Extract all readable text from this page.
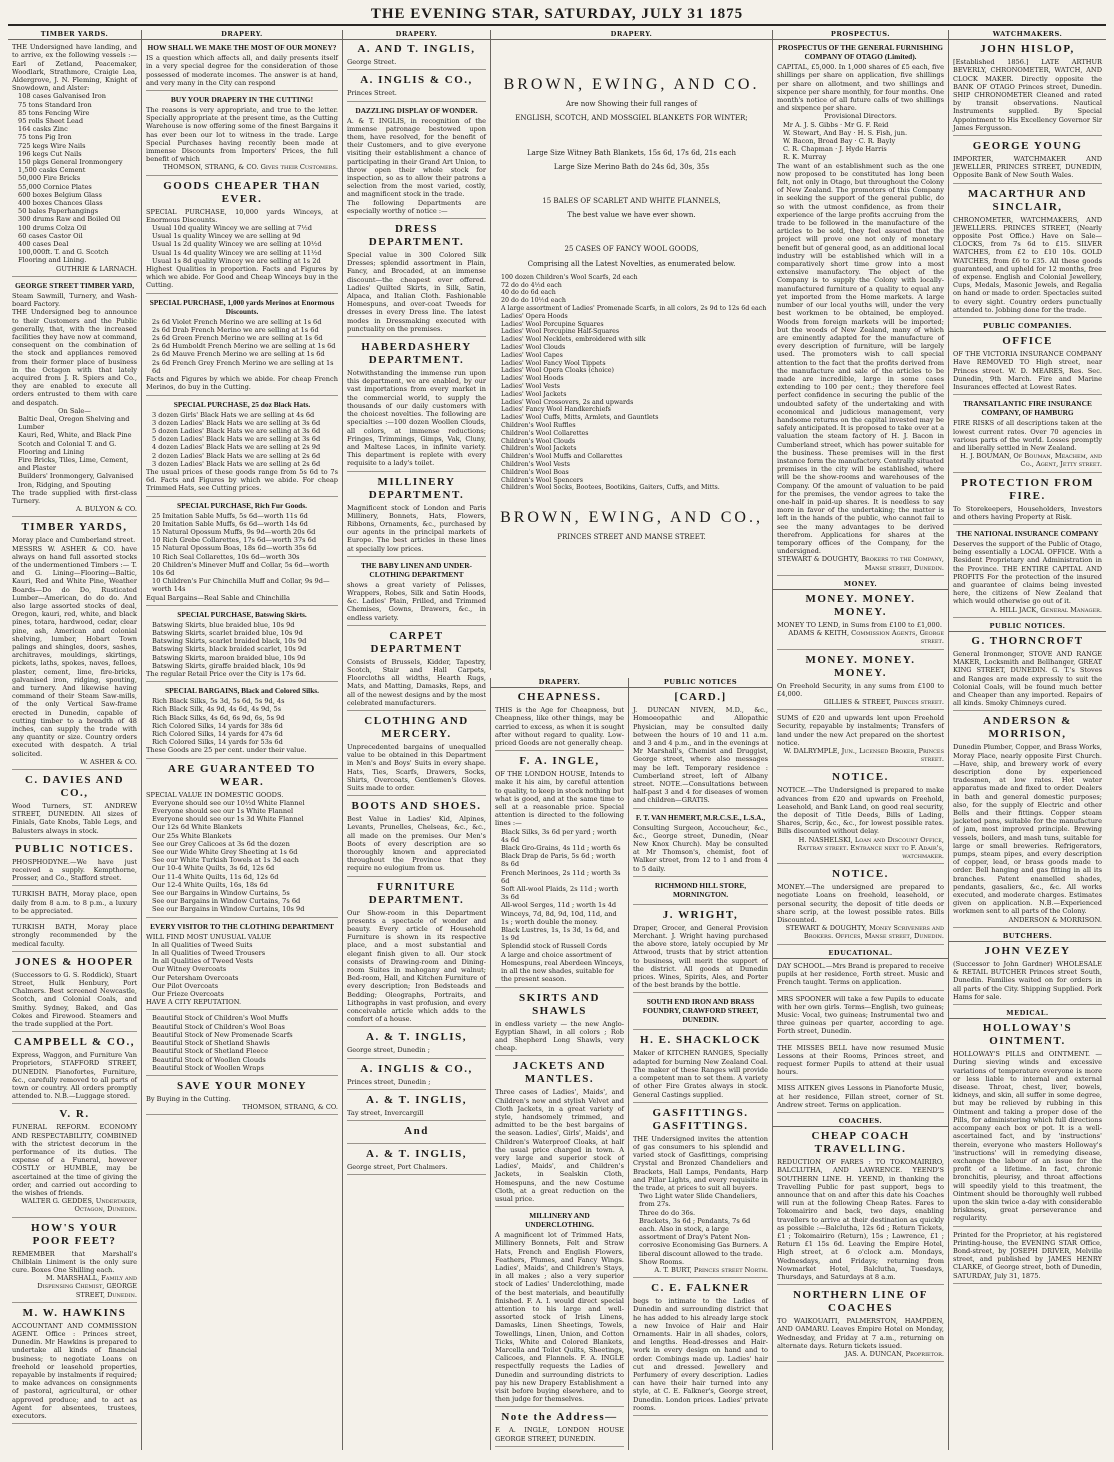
THE EVENING STAR, SATURDAY, JULY 31 1875
TIMBER YARDS.
THE Undersigned have landing, and to arrive, ex the following vessels :— Earl of Zetland, Peacemaker, Woodlark, Strathmore, Craigie Lea, Aldergrove, J. N. Fleming, Knight of Snowdown, and Alster:
108 cases Galvanised Iron
75 tons Standard Iron
85 tons Fencing Wire
95 rolls Sheet Lead
164 casks Zinc
75 tons Pig Iron
725 kegs Wire Nails
196 kegs Cut Nails
150 pkgs General Ironmongery
1,500 casks Cement
50,000 Fire Bricks
55,000 Cornice Plates
600 boxes Belgium Glass
400 boxes Chances Glass
50 bales Paperhangings
300 drums Raw and Boiled Oil
100 drums Colza Oil
60 cases Castor Oil
400 cases Deal
100,000ft. T. and G. Scotch Flooring and Lining.
GUTHRIE & LARNACH.
GEORGE STREET TIMBER YARD,
Steam Sawmill, Turnery, and Wash-board Factory.
THE Undersigned beg to announce to their Customers and the Public generally, that, with the increased facilities they have now at command, consequent on the combination of the stock and appliances removed from their former place of business in the Octagon with that lately acquired from J. R. Spiers and Co., they are enabled to execute all orders entrusted to them with care and despatch.
On Sale—
Baltic Deal, Oregon Shelving and Lumber
Kauri, Red, White, and Black Pine
Scotch and Colonial T. and G. Flooring and Lining
Fire Bricks, Tiles, Lime, Cement, and Plaster
Builders' Ironmongery, Galvanised Iron, Ridging, and Spouting
The trade supplied with first-class Turnery.
A. BULYON & CO.
TIMBER YARDS,
Moray place and Cumberland street.
MESSRS W. ASHER & CO. have always on hand full assorted stocks of the undermentioned Timbers :— T. and G. Lining—Flooring—Baltic, Kauri, Red and White Pine, Weather Boards—Do do Do, Rusticated Lumber—American, do do do. And also large assorted stocks of deal, Oregon, kauri, red, white, and black pines, totara, hardwood, cedar, clear pine, ash, American and colonial shelving, lumber, Hobart Town palings and shingles, doors, sashes, architraves, mouldings, skirtings, pickets, laths, spokes, naves, felloes, plaster, cement, lime, fire-bricks, galvanised iron, ridging, spouting, and turnery. And likewise having command of their Steam Saw-mills, of the only Vertical Saw-frame erected in Dunedin, capable of cutting timber to a breadth of 48 inches, can supply the trade with any quantity or size. Country orders executed with despatch. A trial solicited.
W. ASHER & CO.
C. DAVIES AND CO.,
Wood Turners, ST. ANDREW STREET, DUNEDIN. All sizes of Finials, Gate Knobs, Table Legs, and Balusters always in stock.
PUBLIC NOTICES.
PHOSPHODYNE.—We have just received a supply. Kempthorne, Prosser, and Co., Stafford street.
TURKISH BATH, Moray place, open daily from 8 a.m. to 8 p.m., a luxury to be appreciated.
TURKISH BATH, Moray place strongly recommended by the medical faculty.
JONES & HOOPER
(Successors to G. S. Roddick), Stuart Street, Hulk Henbury, Port Chalmers. Best screened Newcastle, Scotch, and Colonial Coals, and Smithy. Sydney, Baked, and Gas Cokes and Firewood. Steamers and the trade supplied at the Port.
CAMPBELL & CO.,
Express, Waggon, and Furniture Van Proprietors, STAFFORD STREET, DUNEDIN. Pianofortes, Furniture, &c., carefully removed to all parts of town or country. All orders promptly attended to. N.B.—Luggage stored.
V. R.
FUNERAL REFORM. ECONOMY AND RESPECTABILITY, COMBINED with the strictest decorum in the performance of its duties. The expense of a Funeral, however COSTLY or HUMBLE, may be ascertained at the time of giving the order, and carried out according to the wishes of friends.
WALTER G. GEDDES, Undertaker, Octagon, Dunedin.
HOW'S YOUR POOR FEET?
REMEMBER that Marshall's Chilblain Liniment is the only sure cure. Boxes One Shilling each.
M. MARSHALL, Family and Dispensing Chemist, GEORGE STREET, Dunedin.
M. W. HAWKINS
ACCOUNTANT AND COMMISSION AGENT. Office : Princes street, Dunedin. Mr Hawkins is prepared to undertake all kinds of financial business; to negotiate Loans on freehold or leasehold properties, repayable by instalments if required; to make advances on consignments of pastoral, agricultural, or other approved produce; and to act as Agent for absentees, trustees, executors.
DRAPERY.
HOW SHALL WE MAKE THE MOST OF OUR MONEY?
IS a question which affects all, and daily presents itself in a very special degree for the consideration of those possessed of moderate incomes. The answer is at hand, and very many in the City can respond
BUY YOUR DRAPERY IN THE CUTTING!
The reasons is very appropriate, and true to the letter. Specially appropriate at the present time, as the Cutting Warehouse is now offering some of the finest Bargains it has ever been our lot to witness in the trade. Large Special Purchases having recently been made at immense Discounts from Importers' Prices, the full benefit of which
THOMSON, STRANG, & CO. Gives their Customers.
GOODS CHEAPER THAN EVER.
SPECIAL PURCHASE, 10,000 yards Winceys, at Enormous Discounts.
Usual 10d quality Wincey we are selling at 7½d
Usual 1s quality Wincey we are selling at 9d
Usual 1s 2d quality Wincey we are selling at 10½d
Usual 1s 4d quality Wincey we are selling at 11½d
Usual 1s 8d quality Wincey we are selling at 1s 2d
Highest Qualities in proportion. Facts and Figures by which we abide. For Good and Cheap Winceys buy in the Cutting.
SPECIAL PURCHASE, 1,000 yards Merinos at Enormous Discounts.
2s 6d Violet French Merino we are selling at 1s 6d
2s 6d Drab French Merino we are selling at 1s 6d
2s 6d Green French Merino we are selling at 1s 6d
2s 6d Humboldt French Merino we are selling at 1s 6d
2s 6d Mauve French Merino we are selling at 1s 6d
2s 6d French Grey French Merino we are selling at 1s 6d
Facts and Figures by which we abide. For cheap French Merinos, do buy in the Cutting.
SPECIAL PURCHASE, 25 doz Black Hats.
3 dozen Girls' Black Hats we are selling at 4s 6d
3 dozen Ladies' Black Hats we are selling at 3s 6d
5 dozen Ladies' Black Hats we are selling at 3s 6d
5 dozen Ladies' Black Hats we are selling at 3s 6d
4 dozen Ladies' Black Hats we are selling at 2s 9d
2 dozen Ladies' Black Hats we are selling at 2s 6d
3 dozen Ladies' Black Hats we are selling at 2s 6d
The usual prices of these goods range from 5s 6d to 7s 6d. Facts and Figures by which we abide. For cheap Trimmed Hats, see Cutting prices.
SPECIAL PURCHASE, Rich Fur Goods.
25 Imitation Sable Muffs, 5s 6d—worth 11s 6d
20 Imitation Sable Muffs, 6s 6d—worth 14s 6d
15 Natural Opossum Muffs, 9s 9d—worth 20s 6d
10 Rich Grebe Collarettes, 17s 6d—worth 37s 6d
15 Natural Opossum Boas, 18s 6d—worth 35s 6d
10 Rich Seal Collarettes, 10s 6d—worth 30s
20 Children's Minever Muff and Collar, 5s 6d—worth 10s 6d
10 Children's Fur Chinchilla Muff and Collar, 9s 9d—worth 14s
Equal Bargains—Real Sable and Chinchilla
SPECIAL PURCHASE, Batswing Skirts.
Batswing Skirts, blue braided blue, 10s 9d
Batswing Skirts, scarlet braided blue, 10s 9d
Batswing Skirts, scarlet braided black, 10s 9d
Batswing Skirts, black braided scarlet, 10s 9d
Batswing Skirts, maroon braided blue, 10s 9d
Batswing Skirts, giraffe braided black, 10s 9d
The regular Retail Price over the City is 17s 6d.
SPECIAL BARGAINS, Black and Colored Silks.
Rich Black Silks, 5s 3d, 5s 6d, 5s 9d, 4s
Rich Black Silk, 4s 9d, 4s 6d, 4s 9d, 5s
Rich Black Silks, 4s 6d, 6s 9d, 6s, 5s 9d
Rich Colored Silks, 14 yards for 38s 6d
Rich Colored Silks, 14 yards for 47s 6d
Rich Colored Silks, 14 yards for 53s 6d
These Goods are 25 per cent. under their value.
ARE GUARANTEED TO WEAR.
SPECIAL VALUE IN DOMESTIC GOODS.
Everyone should see our 10½d White Flannel
Everyone should see our 1s White Flannel
Everyone should see our 1s 3d White Flannel
Our 12s 6d White Blankets
Our 25s White Blankets
See our Grey Calicoes at 3s 6d the dozen
See our Wide White Grey Sheeting at 1s 6d
See our White Turkish Towels at 1s 3d each
Our 10-4 White Quilts, 3s 6d, 12s 6d
Our 11-4 White Quilts, 11s 6d, 12s 6d
Our 12-4 White Quilts, 16s, 18s 6d
See our Bargains in Window Curtains, 5s
See our Bargains in Window Curtains, 7s 6d
See our Bargains in Window Curtains, 10s 9d
EVERY VISITOR TO THE CLOTHING DEPARTMENT
WILL FIND MOST UNUSUAL VALUE
In all Qualities of Tweed Suits
In all Qualities of Tweed Trousers
In all Qualities of Tweed Vests
Our Witney Overcoats
Our Petersham Overcoats
Our Pilot Overcoats
Our Frieze Overcoats
HAVE A CITY REPUTATION.
Beautiful Stock of Children's Wool Muffs
Beautiful Stock of Children's Wool Boas
Beautiful Stock of New Promenade Scarfs
Beautiful Stock of Shetland Shawls
Beautiful Stock of Shetland Fleece
Beautiful Stock of Woollen Clouds
Beautiful Stock of Woollen Wraps
SAVE YOUR MONEY
By Buying in the Cutting.
THOMSON, STRANG, & CO.
DRAPERY.
A. AND T. INGLIS,
George Street.
A. INGLIS & CO.,
Princes Street.
DAZZLING DISPLAY OF WONDER.
A. & T. INGLIS, in recognition of the immense patronage bestowed upon them, have resolved, for the benefit of their Customers, and to give everyone visiting their establishment a chance of participating in their Grand Art Union, to throw open their whole stock for inspection, so as to allow their patrons a selection from the most varied, costly, and magnificent stock in the trade.
The following Departments are especially worthy of notice :—
DRESS DEPARTMENT.
Special value in 300 Colored Silk Dresses; splendid assortment in Plain, Fancy, and Brocaded, at an immense discount—the cheapest ever offered. Ladies' Quilted Skirts, in Silk, Satin, Alpaca, and Italian Cloth. Fashionable Homespuns, and over-coat Tweeds for dresses in every Dress line. The latest modes in Dressmaking executed with punctuality on the premises.
HABERDASHERY DEPARTMENT.
Notwithstanding the immense run upon this department, we are enabled, by our vast importations from every market in the commercial world, to supply the thousands of our daily customers with the choicest novelties. The following are specialties :—100 dozen Woollen Clouds, all colors, at immense reductions; Fringes, Trimmings, Gimps, Vak, Cluny, and Maltese Laces, in infinite variety. This department is replete with every requisite to a lady's toilet.
MILLINERY DEPARTMENT.
Magnificent stock of London and Paris Millinery, Bonnets, Hats, Flowers, Ribbons, Ornaments, &c., purchased by our agents in the principal markets of Europe. The best articles in these lines at specially low prices.
THE BABY LINEN AND UNDER-CLOTHING DEPARTMENT
shows a great variety of Pelisses, Wrappers, Robes, Silk and Satin Hoods, &c. Ladies' Plain, Frilled, and Trimmed Chemises, Gowns, Drawers, &c., in endless variety.
CARPET DEPARTMENT
Consists of Brussels, Kidder, Tapestry, Scotch, Stair and Hall Carpets, Floorcloths all widths, Hearth Rugs, Mats, and Matting, Damasks, Reps, and all of the newest designs and by the most celebrated manufacturers.
CLOTHING AND MERCERY.
Unprecedented bargains of unequalled value to be obtained in this Department in Men's and Boys' Suits in every shape. Hats, Ties, Scarfs, Drawers, Socks, Shirts, Overcoats, Gentlemen's Gloves. Suits made to order.
BOOTS AND SHOES.
Best Value in Ladies' Kid, Alpines, Levants, Prunelles, Chelseas, &c., &c., all made on the premises. Our Men's Boots of every description are so thoroughly known and appreciated throughout the Province that they require no eulogium from us.
FURNITURE DEPARTMENT.
Our Show-room in this Department presents a spectacle of wonder and beauty. Every article of Household Furniture is shown in its respective place, and a most substantial and elegant finish given to all. Our stock consists of Drawing-room and Dining-room Suites in mahogany and walnut; Bed-room, Hall, and Kitchen Furniture of every description; Iron Bedsteads and Bedding; Oleographs, Portraits, and Lithographs in vast profusion, and every conceivable article which adds to the comfort of a house.
A. & T. INGLIS,
George street, Dunedin ;
A. INGLIS & CO.,
Princes street, Dunedin ;
A. & T. INGLIS,
Tay street, Invercargill
And
A. & T. INGLIS,
George street, Port Chalmers.
DRAPERY.
BROWN, EWING, AND CO.
Are now Showing their full ranges of
ENGLISH, SCOTCH, AND MOSSGIEL BLANKETS FOR WINTER;
Large Size Witney Bath Blankets, 15s 6d, 17s 6d, 21s each
Large Size Merino Bath do 24s 6d, 30s, 35s
15 BALES OF SCARLET AND WHITE FLANNELS,
The best value we have ever shown.
25 CASES OF FANCY WOOL GOODS,
Comprising all the Latest Novelties, as enumerated below.
100 dozen Children's Wool Scarfs, 2d each
72 do do 4½d each
40 do do 6d each
20 do do 10½d each
A large assortment of Ladies' Promenade Scarfs, in all colors, 2s 9d to 12s 6d each
Ladies' Opera Hoods
Ladies' Wool Porcupine Squares
Ladies' Wool Porcupine Half-Squares
Ladies' Wool Necklets, embroidered with silk
Ladies' Wool Clouds
Ladies' Wool Capes
Ladies' Wool Fancy Wool Tippets
Ladies' Wool Opera Cloaks (choice)
Ladies' Wool Hoods
Ladies' Wool Vests
Ladies' Wool Jackets
Ladies' Wool Crossovers, 2s and upwards
Ladies' Fancy Wool Handkerchiefs
Ladies' Wool Cuffs, Mitts, Armlets, and Gauntlets
Children's Wool Ruffles
Children's Wool Collarettes
Children's Wool Clouds
Children's Wool Jackets
Children's Wool Muffs and Collarettes
Children's Wool Vests
Children's Wool Boas
Children's Wool Spencers
Children's Wool Socks, Bootees, Bootikins, Gaiters, Cuffs, and Mitts.
BROWN, EWING, AND CO.,
PRINCES STREET AND MANSE STREET.
DRAPERY.
CHEAPNESS.
THIS is the Age for Cheapness, but Cheapness, like other things, may be carried to excess, as when it is sought after without regard to quality. Low-priced Goods are not generally cheap.
F. A. INGLE,
OF THE LONDON HOUSE, Intends to make it his aim, by careful attention to quality, to keep in stock nothing but what is good, and at the same time to sell at a reasonable price. Special attention is directed to the following lines :—
Black Silks, 3s 6d per yard ; worth 4s 6d
Black Gro-Grains, 4s 11d ; worth 6s
Black Drap de Paris, 5s 6d ; worth 8s 6d
French Merinoes, 2s 11d ; worth 3s 6d
Soft All-wool Plaids, 2s 11d ; worth 3s 6d
All-wool Serges, 11d ; worth 1s 4d
Winceys, 7d, 8d, 9d, 10d, 11d, and 1s ; worth double the money.
Black Lustres, 1s, 1s 3d, 1s 6d, and 1s 9d
Splendid stock of Russell Cords
A large and choice assortment of Homespuns, real Aberdeen Winceys, in all the new shades, suitable for the present season.
SKIRTS AND SHAWLS
in endless variety — the new Anglo-Egyptian Shawl, in all colors ; Rob and Shepherd Long Shawls, very cheap.
JACKETS AND MANTLES.
Three cases of Ladies', Maids', and Children's new and stylish Velvet and Cloth Jackets, in a great variety of style, handsomely trimmed, and admitted to be the best bargains of the season. Ladies', Girls', Maids', and Children's Waterproof Cloaks, at half the usual price charged in town. A very large and superior stock of Ladies', Maids', and Children's Jackets, in Sealskin Cloth, Homespuns, and the new Costume Cloth, at a great reduction on the usual price.
MILLINERY AND UNDERCLOTHING.
A magnificent lot of Trimmed Hats, Millinery Bonnets, Felt and Straw Hats, French and English Flowers, Feathers, Plumes, and Fancy Wings. Ladies', Maids', and Children's Stays, in all makes ; also a very superior stock of Ladies' Underclothing, made of the best materials, and beautifully finished. F. A. I. would direct special attention to his large and well-assorted stock of Irish Linens, Damasks, Linen Sheetings, Towels, Towellings, Linen, Union, and Cotton Ticks, White and Colored Blankets, Marcella and Toilet Quilts, Sheetings, Calicoes, and Flannels. F. A. INGLE respectfully requests the Ladies of Dunedin and surrounding districts to pay his new Drapery Establishment a visit before buying elsewhere, and to then judge for themselves.
Note the Address—
F. A. INGLE, LONDON HOUSE GEORGE STREET, DUNEDIN.
PUBLIC NOTICES
[CARD.]
J. DUNCAN NIVEN, M.D., &c., Homoeopathic and Allopathic Physician, may be consulted daily between the hours of 10 and 11 a.m. and 3 and 4 p.m., and in the evenings at Mr Marshall's, Chemist and Druggist, George street, where also messages may be left. Temporary residence : Cumberland street, left of Albany street. NOTE.—Consultations between half-past 3 and 4 for diseases of women and children—GRATIS.
F. T. VAN HEMERT, M.R.C.S.E., L.S.A.,
Consulting Surgeon, Accoucheur, &c., &c., George street, Dunedin, (Near New Knox Church). May be consulted at Mr Thomson's, chemist, foot of Walker street, from 12 to 1 and from 4 to 5 daily.
RICHMOND HILL STORE, MORNINGTON.
J. WRIGHT,
Draper, Grocer, and General Provision Merchant. J. Wright having purchased the above store, lately occupied by Mr Attwood, trusts that by strict attention to business, will merit the support of the district. All goods at Dunedin prices. Wines, Spirits, Ales, and Porter of the best brands by the bottle.
SOUTH END IRON AND BRASS FOUNDRY, CRAWFORD STREET, DUNEDIN.
H. E. SHACKLOCK
Maker of KITCHEN RANGES, Specially adapted for burning New Zealand Coal. The maker of these Ranges will provide a competent man to set them. A variety of other Fire Grates always in stock. General Castings supplied.
GASFITTINGS. GASFITTINGS.
THE Undersigned invites the attention of gas consumers to his splendid and varied stock of Gasfittings, comprising Crystal and Bronzed Chandeliers and Brackets, Hall Lamps, Pendants, Harp and Pillar Lights, and every requisite in the trade, at prices to suit all buyers.
Two Light water Slide Chandeliers, from 27s.
Three do do 36s.
Brackets, 3s 6d ; Pendants, 7s 6d each. Also in stock, a large assortment of Dray's Patent Non-corrosive Economising Gas Burners. A liberal discount allowed to the trade. Show Rooms.
A. T. BURT, Princes street North.
C. E. FALKNER
begs to intimate to the Ladies of Dunedin and surrounding district that he has added to his already large stock a new Invoice of Hair and Hair Ornaments. Hair in all shades, colors, and lengths. Head-dresses and Hair-work in every design on hand and to order. Combings made up. Ladies' hair cut and dressed. Jewellery and Perfumery of every description. Ladies can have their hair turned into any style, at C. E. Falkner's, George street, Dunedin. London prices. Ladies' private rooms.
PROSPECTUS.
PROSPECTUS OF THE GENERAL FURNISHING COMPANY OF OTAGO (Limited).
CAPITAL, £5,000. In 1,000 shares of £5 each, five shillings per share on application, five shillings per share on allotment, and two shillings and sixpence per share monthly, for four months. One month's notice of all future calls of two shillings and sixpence per share.
Provisional Directors.
Mr A. J. S. Gibbs · Mr G. F. Reid
W. Stewart, And Bay · H. S. Fish, jun.
W. Bacon, Broad Bay · C. R. Bayly
C. R. Chapman · J. Hyde Harris
R. K. Murray
The want of an establishment such as the one now proposed to be constituted has long been felt, not only in Otago, but throughout the Colony of New Zealand. The promoters of this Company in seeking the support of the general public, do so with the utmost confidence, as from their experience of the large profits accruing from the trade to be followed in the manufacture of the articles to be sold, they feel assured that the project will prove one not only of monetary benefit but of general good, as an additional local industry will be established which will in a comparatively short time grow into a most extensive manufactory. The object of the Company is to supply the Colony with locally-manufactured furniture of a quality to equal any yet imported from the Home markets. A large number of our local youths will, under the very best workmen to be obtained, be employed. Woods from foreign markets will be imported; but the woods of New Zealand, many of which are eminently adapted for the manufacture of every description of furniture, will be largely used. The promoters wish to call special attention to the fact that the profits derived from the manufacture and sale of the articles to be made are incredible, large in some cases extending to 100 per cent.; they therefore feel perfect confidence in securing the public of the undoubted safety of the undertaking and with economical and judicious management, very handsome returns on the capital invested may be safely anticipated. It is proposed to take over at a valuation the steam factory of H. J. Bacon in Cumberland street, which has power suitable for the business. These premises will in the first instance form the manufactory. Centrally situated premises in the city will be established, where will be the show-rooms and warehouses of the Company. Of the amount of valuation to be paid for the premises, the vendor agrees to take the one-half in paid-up shares. It is needless to say more in favor of the undertaking; the matter is left in the hands of the public, who cannot fail to see the many advantages to be derived therefrom. Applications for shares at the temporary offices of the Company, for the undersigned.
STEWART & DOUGHTY, Brokers to the Company, Manse street, Dunedin.
MONEY.
MONEY. MONEY. MONEY.
MONEY TO LEND, in Sums from £100 to £1,000.
ADAMS & KEITH, Commission Agents, George street.
MONEY. MONEY. MONEY.
On Freehold Security, in any sums from £100 to £4,000.
GILLIES & STREET, Princes street.
SUMS of £20 and upwards lent upon Freehold Security, repayable by instalments; Transfers of land under the new Act prepared on the shortest notice.
W. DALRYMPLE, Jun., Licensed Broker, Princes street.
NOTICE.
NOTICE.—The Undersigned is prepared to make advances from £20 and upwards on Freehold, Leasehold, and Bank Land, on good real security, the deposit of Title Deeds, Bills of Lading, Shares, Scrip, &c., &c., for lowest possible rates. Bills discounted without delay.
H. NASHELSKI, Loan and Discount Office, Rattray street. Entrance next to F. Adair's, watchmaker.
NOTICE.
MONEY.—The undersigned are prepared to negotiate Loans on freehold, leasehold, or personal security, the deposit of title deeds or share scrip, at the lowest possible rates. Bills Discounted.
STEWART & DOUGHTY, Money Scriveners and Brokers. Offices, Manse street, Dunedin.
EDUCATIONAL.
DAY SCHOOL.—Mrs Brand is prepared to receive pupils at her residence, Forth street. Music and French taught. Terms on application.
MRS SPOONER will take a few Pupils to educate with her own girls. Terms—English, two guineas; Music: Vocal, two guineas; Instrumental two and three guineas per quarter, according to age. Forth street, Dunedin.
THE MISSES BELL have now resumed Music Lessons at their Rooms, Princes street, and request former Pupils to attend at their usual hours.
MISS AITKEN gives Lessons in Pianoforte Music, at her residence, Fillan street, corner of St. Andrew street. Terms on application.
COACHES.
CHEAP COACH TRAVELLING.
REDUCTION OF FARES : TO TOKOMAIRIRO, BALCLUTHA, AND LAWRENCE. YEEND'S SOUTHERN LINE. H. YEEND, in thanking the Travelling Public for past support, begs to announce that on and after this date his Coaches will run at the following Cheap Rates. Fares to Tokomairiro and back, two days, enabling travellers to arrive at their destination as quickly as possible :—Balclutha, 12s 6d ; Return Tickets, £1 ; Tokomairiro (Return), 15s ; Lawrence, £1 ; Return £1 15s 6d. Leaving the Empire Hotel, High street, at 6 o'clock a.m. Mondays, Wednesdays, and Fridays; returning from Nowmarket Hotel, Balclutha, Tuesdays, Thursdays, and Saturdays at 8 a.m.
NORTHERN LINE OF COACHES
TO WAIKOUAITI, PALMERSTON, HAMPDEN, AND OAMARU. Leaves Empire Hotel on Monday, Wednesday, and Friday at 7 a.m., returning on alternate days. Return tickets issued.
JAS. A. DUNCAN, Proprietor.
WATCHMAKERS.
JOHN HISLOP,
[Established 1856.] LATE ARTHUR BEVERLY, CHRONOMETER, WATCH, AND CLOCK MAKER. Directly opposite the BANK OF OTAGO Princes street, Dunedin. SHIP CHRONOMETER Cleaned and rated by transit observations. Nautical Instruments supplied. By Special Appointment to His Excellency Governor Sir James Fergusson.
GEORGE YOUNG
IMPORTER, WATCHMAKER AND JEWELLER, PRINCES STREET, DUNEDIN, Opposite Bank of New South Wales.
MACARTHUR AND SINCLAIR,
CHRONOMETER, WATCHMAKERS, AND JEWELLERS. PRINCES STREET, (Nearly opposite Post Office.) Have on Sale— CLOCKS, from 7s 6d to £15. SILVER WATCHES, from £2 to £10 10s. GOLD WATCHES, from £6 to £35. All these goods guaranteed, and upheld for 12 months, free of expense. English and Colonial Jewellery, Cups, Medals, Masonic Jewels, and Regalia on hand or made to order. Spectacles suited to every sight. Country orders punctually attended to. Jobbing done for the trade.
PUBLIC COMPANIES.
OFFICE
OF THE VICTORIA INSURANCE COMPANY Have REMOVED TO High street, near Princes street. W. D. MEARES, Res. Sec. Dunedin, 9th March. Fire and Marine Insurances effected at Lowest Rates.
TRANSATLANTIC FIRE INSURANCE COMPANY, OF HAMBURG
FIRE RISKS of all descriptions taken at the lowest current rates. Over 70 agencies in various parts of the world. Losses promptly and liberally settled in New Zealand.
H. J. BOUMAN, Of Bouman, Meachem, and Co., Agent, Jetty street.
PROTECTION FROM FIRE.
To Storekeepers, Householders, Investors and others having Property at Risk.
THE NATIONAL INSURANCE COMPANY
Deserves the support of the Public of Otago, being essentially a LOCAL OFFICE. With a Resident Proprietary and Administration in the Province. THE ENTIRE CAPITAL AND PROFITS For the protection of the insured and guarantee of claims being invested here, the citizens of New Zealand that which would otherwise go out of it.
A. HILL JACK, General Manager.
PUBLIC NOTICES.
G. THORNCROFT
General Ironmonger, STOVE AND RANGE MAKER, Locksmith and Bellhanger, GREAT KING STREET, DUNEDIN. G. T.'s Stoves and Ranges are made expressly to suit the Colonial Coals, will be found much better and Cheaper than any imported. Repairs of all kinds. Smoky Chimneys cured.
ANDERSON & MORRISON,
Dunedin Plumber, Copper, and Brass Works, Moray Place, nearly opposite First Church.—Have, ship, and brewery work of every description done by experienced tradesmen, at low rates. Hot water apparatus made and fixed to order. Dealers in bath and general domestic purposes; also, for the supply of Electric and other Bells and their fittings. Copper steam jacketed pans, suitable for the manufacture of jam, most improved principle. Brewing vessels, boilers, and mash tuns, suitable for large or small breweries. Refrigerators, pumps, steam pipes, and every description of copper, lead, or brass goods made to order. Bell hanging and gas fitting in all its branches. Patent enamelled shades, pendants, gasaliers, &c., &c. All works executed, and moderate charges. Estimates given on application. N.B.—Experienced workmen sent to all parts of the Colony.
ANDERSON & MORRISON.
BUTCHERS.
JOHN VEZEY
(Successor to John Gardner) WHOLESALE & RETAIL BUTCHER Princes street South, Dunedin. Families waited on for orders in all parts of the City. Shipping Supplied. Pork Hams for sale.
MEDICAL.
HOLLOWAY'S OINTMENT.
HOLLOWAY'S PILLS and OINTMENT. — During sieving winds and excessive variations of temperature everyone is more or less liable to internal and external disease. Throat, chest, liver, bowels, kidneys, and skin, all suffer in some degree, but may be relieved by rubbing in this Ointment and taking a proper dose of the Pills, for administering which full directions accompany each box or pot. It is a well-ascertained fact, and by 'instructions' therein, everyone who masters Holloway's 'instructions' will in remedying disease, exchange the labour of an issue for the profit of a lifetime. In fact, chronic bronchitis, pleurisy, and throat affections will speedily yield to this treatment, the Ointment should be thoroughly well rubbed upon the skin twice a-day with considerable briskness, great perseverance and regularity.
Printed for the Proprietor, at his registered Printing-house, the EVENING STAR Office, Bond-street, by JOSEPH DRIVER, Melville street, and published by JAMES HENRY CLARKE, of George street, both of Dunedin, SATURDAY, July 31, 1875.
